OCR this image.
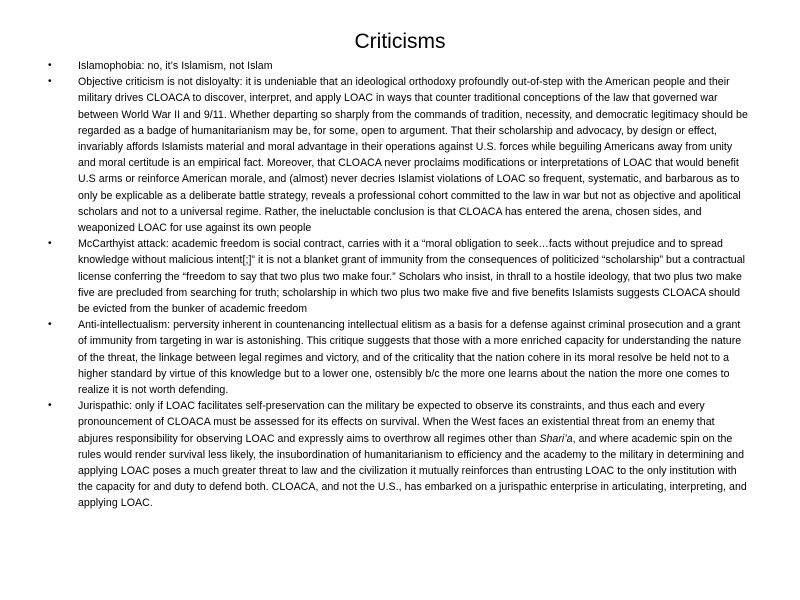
Criticisms
•	Islamophobia: no, it’s Islamism, not Islam
•	Objective criticism is not disloyalty: it is undeniable that an ideological orthodoxy profoundly out-of-step with the American people and their military drives CLOACA to discover, interpret, and apply LOAC in ways that counter traditional conceptions of the law that governed war between World War II and 9/11. Whether departing so sharply from the commands of tradition, necessity, and democratic legitimacy should be regarded as a badge of humanitarianism may be, for some, open to argument. That their scholarship and advocacy, by design or effect, invariably affords Islamists material and moral advantage in their operations against U.S. forces while beguiling Americans away from unity and moral certitude is an empirical fact. Moreover, that CLOACA never proclaims modifications or interpretations of LOAC that would benefit U.S arms or reinforce American morale, and (almost) never decries Islamist violations of LOAC so frequent, systematic, and barbarous as to only be explicable as a deliberate battle strategy, reveals a professional cohort committed to the law in war but not as objective and apolitical scholars and not to a universal regime. Rather, the ineluctable conclusion is that CLOACA has entered the arena, chosen sides, and weaponized LOAC for use against its own people
•	McCarthyist attack: academic freedom is social contract, carries with it a “moral obligation to seek…facts without prejudice and to spread knowledge without malicious intent[;]” it is not a blanket grant of immunity from the consequences of politicized “scholarship” but a contractual license conferring the “freedom to say that two plus two make four.” Scholars who insist, in thrall to a hostile ideology, that two plus two make five are precluded from searching for truth; scholarship in which two plus two make five and five benefits Islamists suggests CLOACA should be evicted from the bunker of academic freedom
•	Anti-intellectualism: perversity inherent in countenancing intellectual elitism as a basis for a defense against criminal prosecution and a grant of immunity from targeting in war is astonishing. This critique suggests that those with a more enriched capacity for understanding the nature of the threat, the linkage between legal regimes and victory, and of the criticality that the nation cohere in its moral resolve be held not to a higher standard by virtue of this knowledge but to a lower one, ostensibly b/c the more one learns about the nation the more one comes to realize it is not worth defending.
•	Jurispathic: only if LOAC facilitates self-preservation can the military be expected to observe its constraints, and thus each and every pronouncement of CLOACA must be assessed for its effects on survival. When the West faces an existential threat from an enemy that abjures responsibility for observing LOAC and expressly aims to overthrow all regimes other than Shari’a, and where academic spin on the rules would render survival less likely, the insubordination of humanitarianism to efficiency and the academy to the military in determining and applying LOAC poses a much greater threat to law and the civilization it mutually reinforces than entrusting LOAC to the only institution with the capacity for and duty to defend both. CLOACA, and not the U.S., has embarked on a jurispathic enterprise in articulating, interpreting, and applying LOAC.
